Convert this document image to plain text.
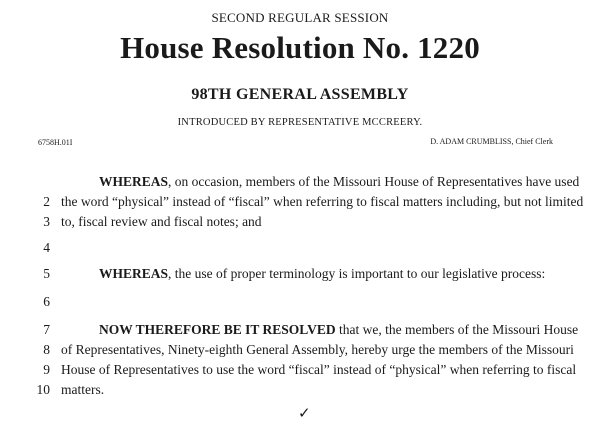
SECOND REGULAR SESSION
House Resolution No. 1220
98TH GENERAL ASSEMBLY
INTRODUCED BY REPRESENTATIVE MCCREERY.
6758H.01I	D. ADAM CRUMBLISS, Chief Clerk
WHEREAS, on occasion, members of the Missouri House of Representatives have used
2 the word “physical” instead of “fiscal” when referring to fiscal matters including, but not limited
3 to, fiscal review and fiscal notes; and
4
5	WHEREAS, the use of proper terminology is important to our legislative process:
6
7	NOW THEREFORE BE IT RESOLVED that we, the members of the Missouri House
8 of Representatives, Ninety-eighth General Assembly, hereby urge the members of the Missouri
9 House of Representatives to use the word “fiscal” instead of “physical” when referring to fiscal
10 matters.
✓
